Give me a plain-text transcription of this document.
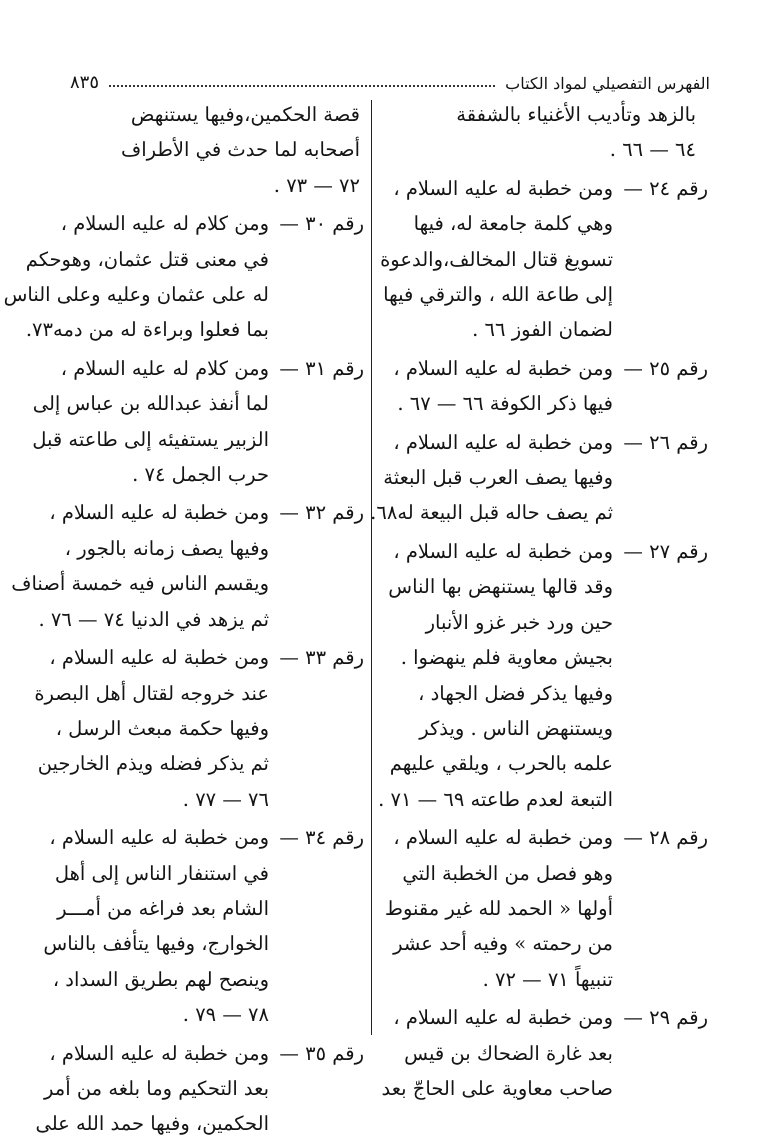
الفهرس التفصيلي لمواد الكتاب
٨٣٥
بالزهد وتأديب الأغنياء بالشفقة
٦٤ — ٦٦ .
رقم ٢٤ —
ومن خطبة له عليه السلام ،
وهي كلمة جامعة له، فيها
تسويغ قتال المخالف،والدعوة
إلى طاعة الله ، والترقي فيها
لضمان الفوز ٦٦ .
رقم ٢٥ —
ومن خطبة له عليه السلام ،
فيها ذكر الكوفة ٦٦ — ٦٧ .
رقم ٢٦ —
ومن خطبة له عليه السلام ،
وفيها يصف العرب قبل البعثة
ثم يصف حاله قبل البيعة له٦٨.
رقم ٢٧ —
ومن خطبة له عليه السلام ،
وقد قالها يستنهض بها الناس
حين ورد خبر غزو الأنبار
بجيش معاوية فلم ينهضوا .
وفيها يذكر فضل الجهاد ،
ويستنهض الناس . ويذكر
علمه بالحرب ، ويلقي عليهم
التبعة لعدم طاعته ٦٩ — ٧١ .
رقم ٢٨ —
ومن خطبة له عليه السلام ،
وهو فصل من الخطبة التي
أولها « الحمد لله غير مقنوط
من رحمته » وفيه أحد عشر
تنبيهاً ٧١ — ٧٢ .
رقم ٢٩ —
ومن خطبة له عليه السلام ،
بعد غارة الضحاك بن قيس
صاحب معاوية على الحاجّ بعد
قصة الحكمين،وفيها يستنهض
أصحابه لما حدث في الأطراف
٧٢ — ٧٣ .
رقم ٣٠ —
ومن كلام له عليه السلام ،
في معنى قتل عثمان، وهوحكم
له على عثمان وعليه وعلى الناس
بما فعلوا وبراءة له من دمه٧٣.
رقم ٣١ —
ومن كلام له عليه السلام ،
لما أنفذ عبدالله بن عباس إلى
الزبير يستفيئه إلى طاعته قبل
حرب الجمل ٧٤ .
رقم ٣٢ —
ومن خطبة له عليه السلام ،
وفيها يصف زمانه بالجور ،
ويقسم الناس فيه خمسة أصناف
ثم يزهد في الدنيا ٧٤ — ٧٦ .
رقم ٣٣ —
ومن خطبة له عليه السلام ،
عند خروجه لقتال أهل البصرة
وفيها حكمة مبعث الرسل ،
ثم يذكر فضله ويذم الخارجين
٧٦ — ٧٧ .
رقم ٣٤ —
ومن خطبة له عليه السلام ،
في استنفار الناس إلى أهل
الشام بعد فراغه من أمـــر
الخوارج، وفيها يتأفف بالناس
وينصح لهم بطريق السداد ،
٧٨ — ٧٩ .
رقم ٣٥ —
ومن خطبة له عليه السلام ،
بعد التحكيم وما بلغه من أمر
الحكمين، وفيها حمد الله على
